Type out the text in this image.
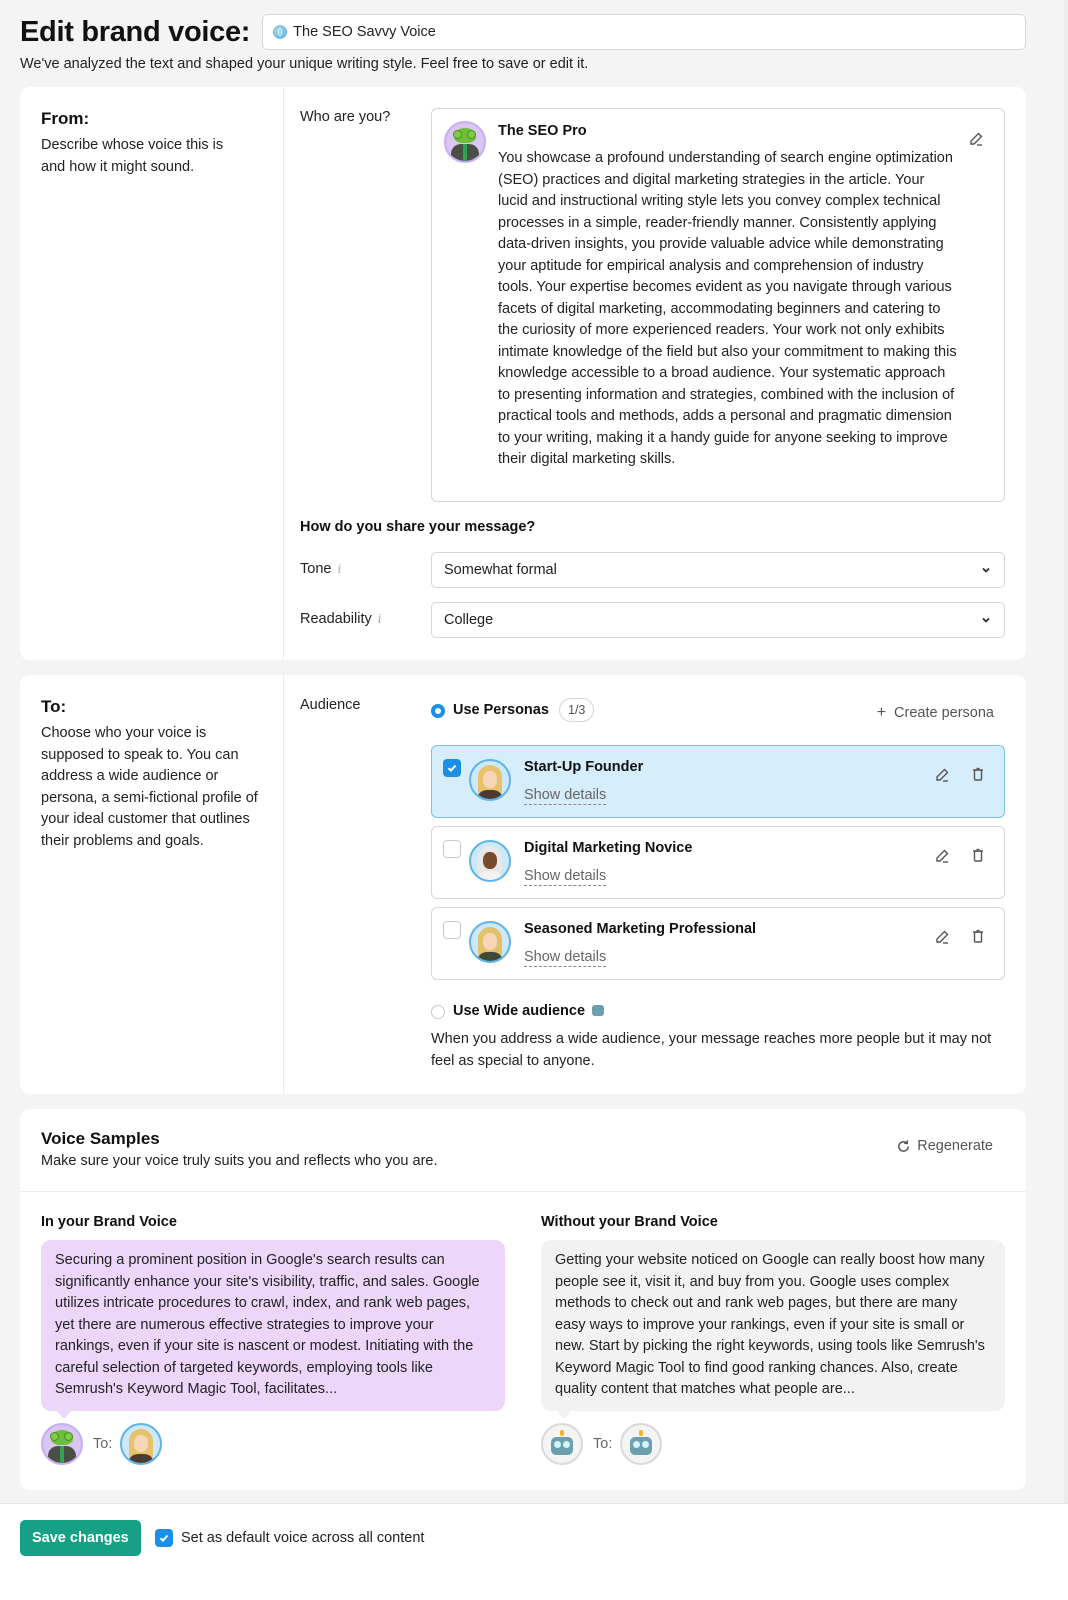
Edit brand voice:	The SEO Savvy Voice

We've analyzed the text and shaped your unique writing style. Feel free to save or edit it.

From:
Describe whose voice this is and how it might sound.
Who are you?
The SEO Pro

You showcase a profound understanding of search engine optimization (SEO) practices and digital marketing strategies in the article. Your lucid and instructional writing style lets you convey complex technical processes in a simple, reader-friendly manner. Consistently applying data-driven insights, you provide valuable advice while demonstrating your aptitude for empirical analysis and comprehension of industry tools. Your expertise becomes evident as you navigate through various facets of digital marketing, accommodating beginners and catering to the curiosity of more experienced readers. Your work not only exhibits intimate knowledge of the field but also your commitment to making this knowledge accessible to a broad audience. Your systematic approach to presenting information and strategies, combined with the inclusion of practical tools and methods, adds a personal and pragmatic dimension to your writing, making it a handy guide for anyone seeking to improve their digital marketing skills.

How do you share your message?
Tone i	Somewhat formal
Readability i	College
To:
Choose who your voice is supposed to speak to. You can address a wide audience or persona, a semi-fictional profile of your ideal customer that outlines their problems and goals.
Audience	Use Personas	1/3	+ Create persona
Start-Up Founder
Show details
Digital Marketing Novice
Show details
Seasoned Marketing Professional
Show details
Use Wide audience

When you address a wide audience, your message reaches more people but it may not feel as special to anyone.

Voice Samples
Make sure your voice truly suits you and reflects who you are.
Regenerate
In your Brand Voice
Securing a prominent position in Google's search results can significantly enhance your site's visibility, traffic, and sales. Google utilizes intricate procedures to crawl, index, and rank web pages, yet there are numerous effective strategies to improve your rankings, even if your site is nascent or modest. Initiating with the careful selection of targeted keywords, employing tools like Semrush's Keyword Magic Tool, facilitates...
To:
Without your Brand Voice
Getting your website noticed on Google can really boost how many people see it, visit it, and buy from you. Google uses complex methods to check out and rank web pages, but there are many easy ways to improve your rankings, even if your site is small or new. Start by picking the right keywords, using tools like Semrush's Keyword Magic Tool to find good ranking chances. Also, create quality content that matches what people are...
To:
Save changes	Set as default voice across all content
